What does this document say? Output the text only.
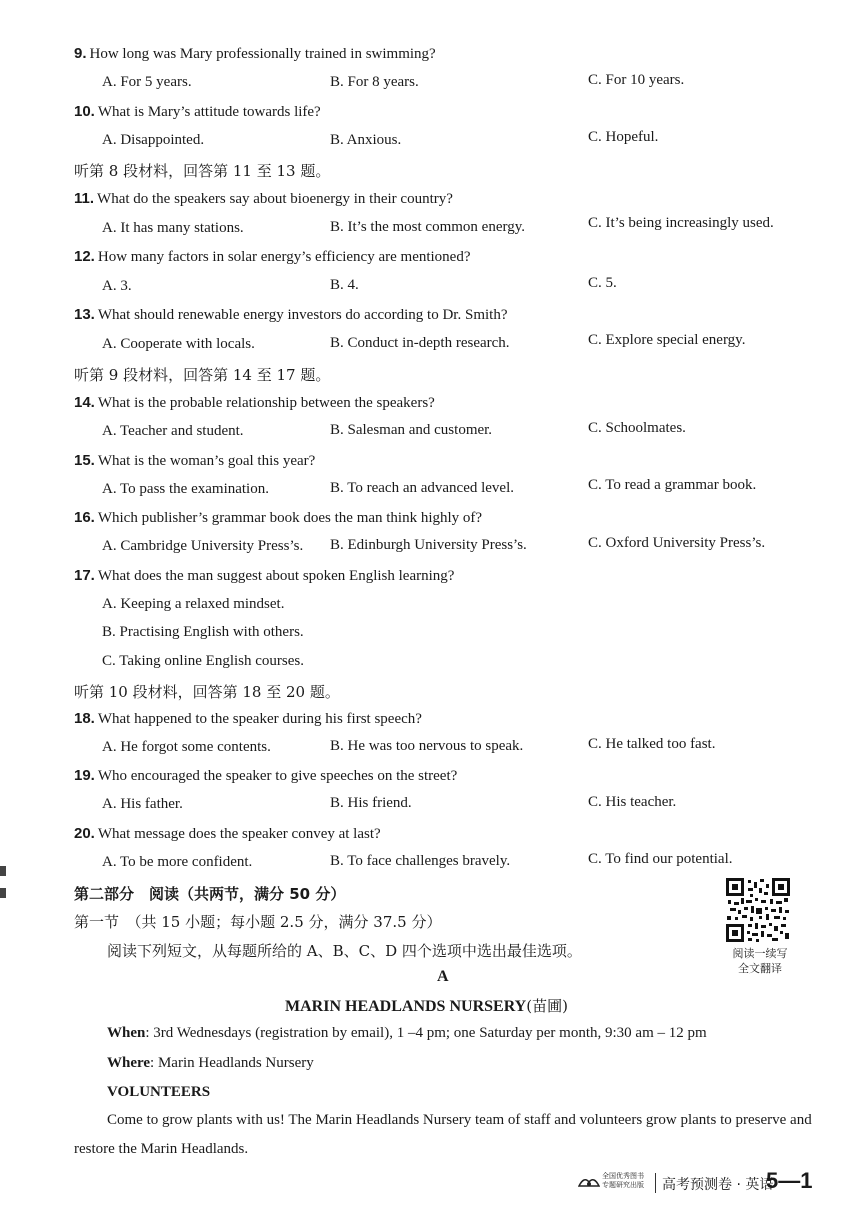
9. How long was Mary professionally trained in swimming?
A. For 5 years.	B. For 8 years.	C. For 10 years.
10. What is Mary’s attitude towards life?
A. Disappointed.	B. Anxious.	C. Hopeful.
听第 8 段材料，回答第 11 至 13 题。
11. What do the speakers say about bioenergy in their country?
A. It has many stations.	B. It’s the most common energy.	C. It’s being increasingly used.
12. How many factors in solar energy’s efficiency are mentioned?
A. 3.	B. 4.	C. 5.
13. What should renewable energy investors do according to Dr. Smith?
A. Cooperate with locals.	B. Conduct in-depth research.	C. Explore special energy.
听第 9 段材料，回答第 14 至 17 题。
14. What is the probable relationship between the speakers?
A. Teacher and student.	B. Salesman and customer.	C. Schoolmates.
15. What is the woman’s goal this year?
A. To pass the examination.	B. To reach an advanced level.	C. To read a grammar book.
16. Which publisher’s grammar book does the man think highly of?
A. Cambridge University Press’s. B. Edinburgh University Press’s.	C. Oxford University Press’s.
17. What does the man suggest about spoken English learning?
A. Keeping a relaxed mindset.
B. Practising English with others.
C. Taking online English courses.
听第 10 段材料，回答第 18 至 20 题。
18. What happened to the speaker during his first speech?
A. He forgot some contents.	B. He was too nervous to speak.	C. He talked too fast.
19. Who encouraged the speaker to give speeches on the street?
A. His father.	B. His friend.	C. His teacher.
20. What message does the speaker convey at last?
A. To be more confident.	B. To face challenges bravely.	C. To find our potential.
第二部分　阅读（共两节，满分 50 分）
第一节　（共 15 小题；每小题 2.5 分，满分 37.5 分）
阅读下列短文，从每题所给的 A、B、C、D 四个选项中选出最佳选项。	阅读一续写
全文翻译
A
MARIN HEADLANDS NURSERY(苗圃)
When: 3rd Wednesdays (registration by email), 1 –4 pm; one Saturday per month, 9:30 am – 12 pm
Where: Marin Headlands Nursery
VOLUNTEERS
Come to grow plants with us! The Marin Headlands Nursery team of staff and volunteers grow plants to preserve and restore the Marin Headlands.
全国优秀图书
专题研究出版 高考预测卷 · 英语
5—1
